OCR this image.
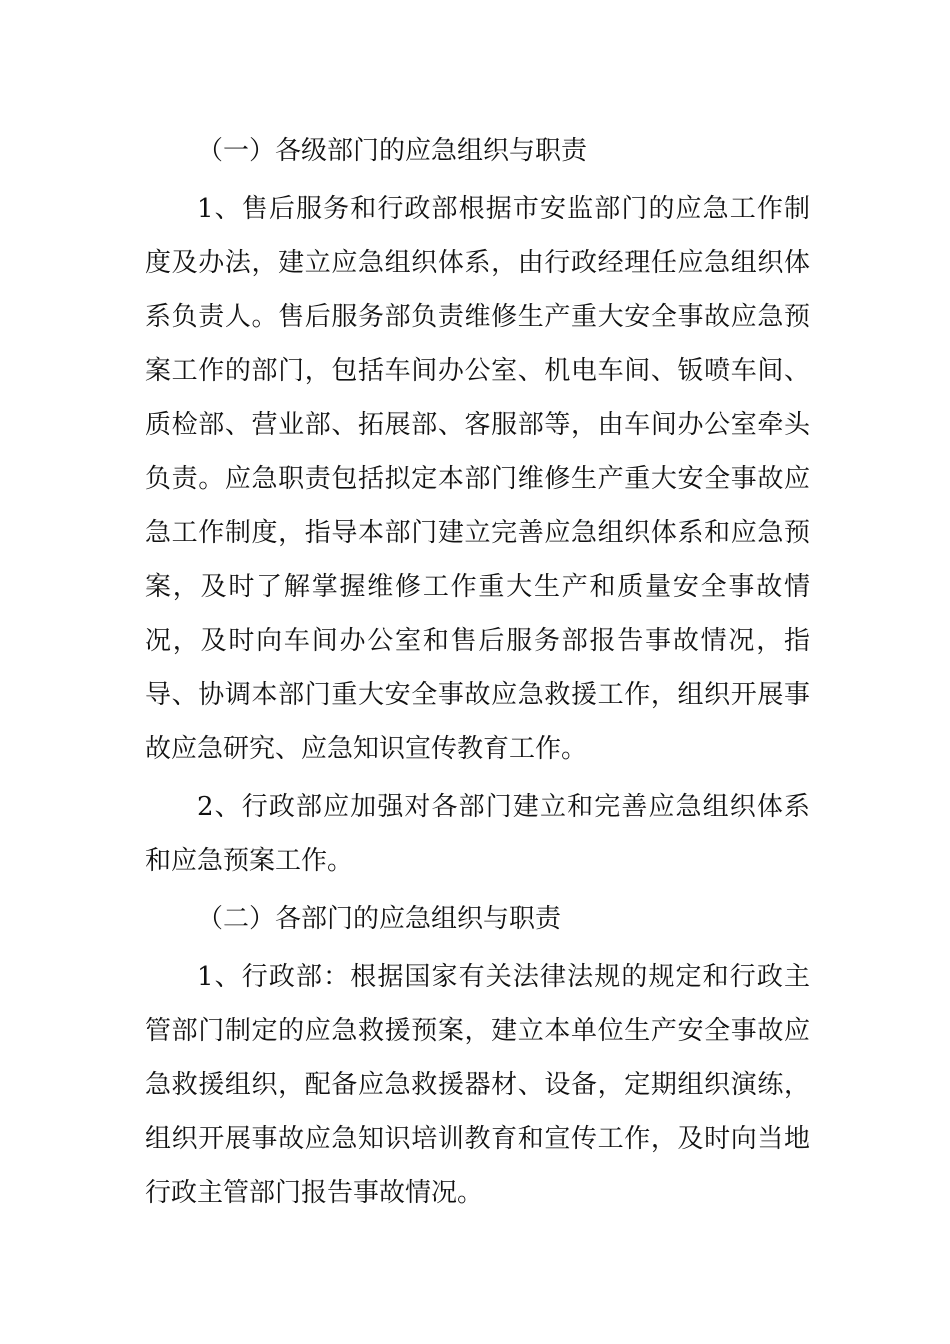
（一）各级部门的应急组织与职责

1、售后服务和行政部根据市安监部门的应急工作制度及办法，建立应急组织体系，由行政经理任应急组织体系负责人。售后服务部负责维修生产重大安全事故应急预案工作的部门，包括车间办公室、机电车间、钣喷车间、质检部、营业部、拓展部、客服部等，由车间办公室牵头负责。应急职责包括拟定本部门维修生产重大安全事故应急工作制度，指导本部门建立完善应急组织体系和应急预案，及时了解掌握维修工作重大生产和质量安全事故情况，及时向车间办公室和售后服务部报告事故情况，指导、协调本部门重大安全事故应急救援工作，组织开展事故应急研究、应急知识宣传教育工作。

2、行政部应加强对各部门建立和完善应急组织体系和应急预案工作。

（二）各部门的应急组织与职责

1、行政部：根据国家有关法律法规的规定和行政主管部门制定的应急救援预案，建立本单位生产安全事故应急救援组织，配备应急救援器材、设备，定期组织演练，组织开展事故应急知识培训教育和宣传工作，及时向当地行政主管部门报告事故情况。
